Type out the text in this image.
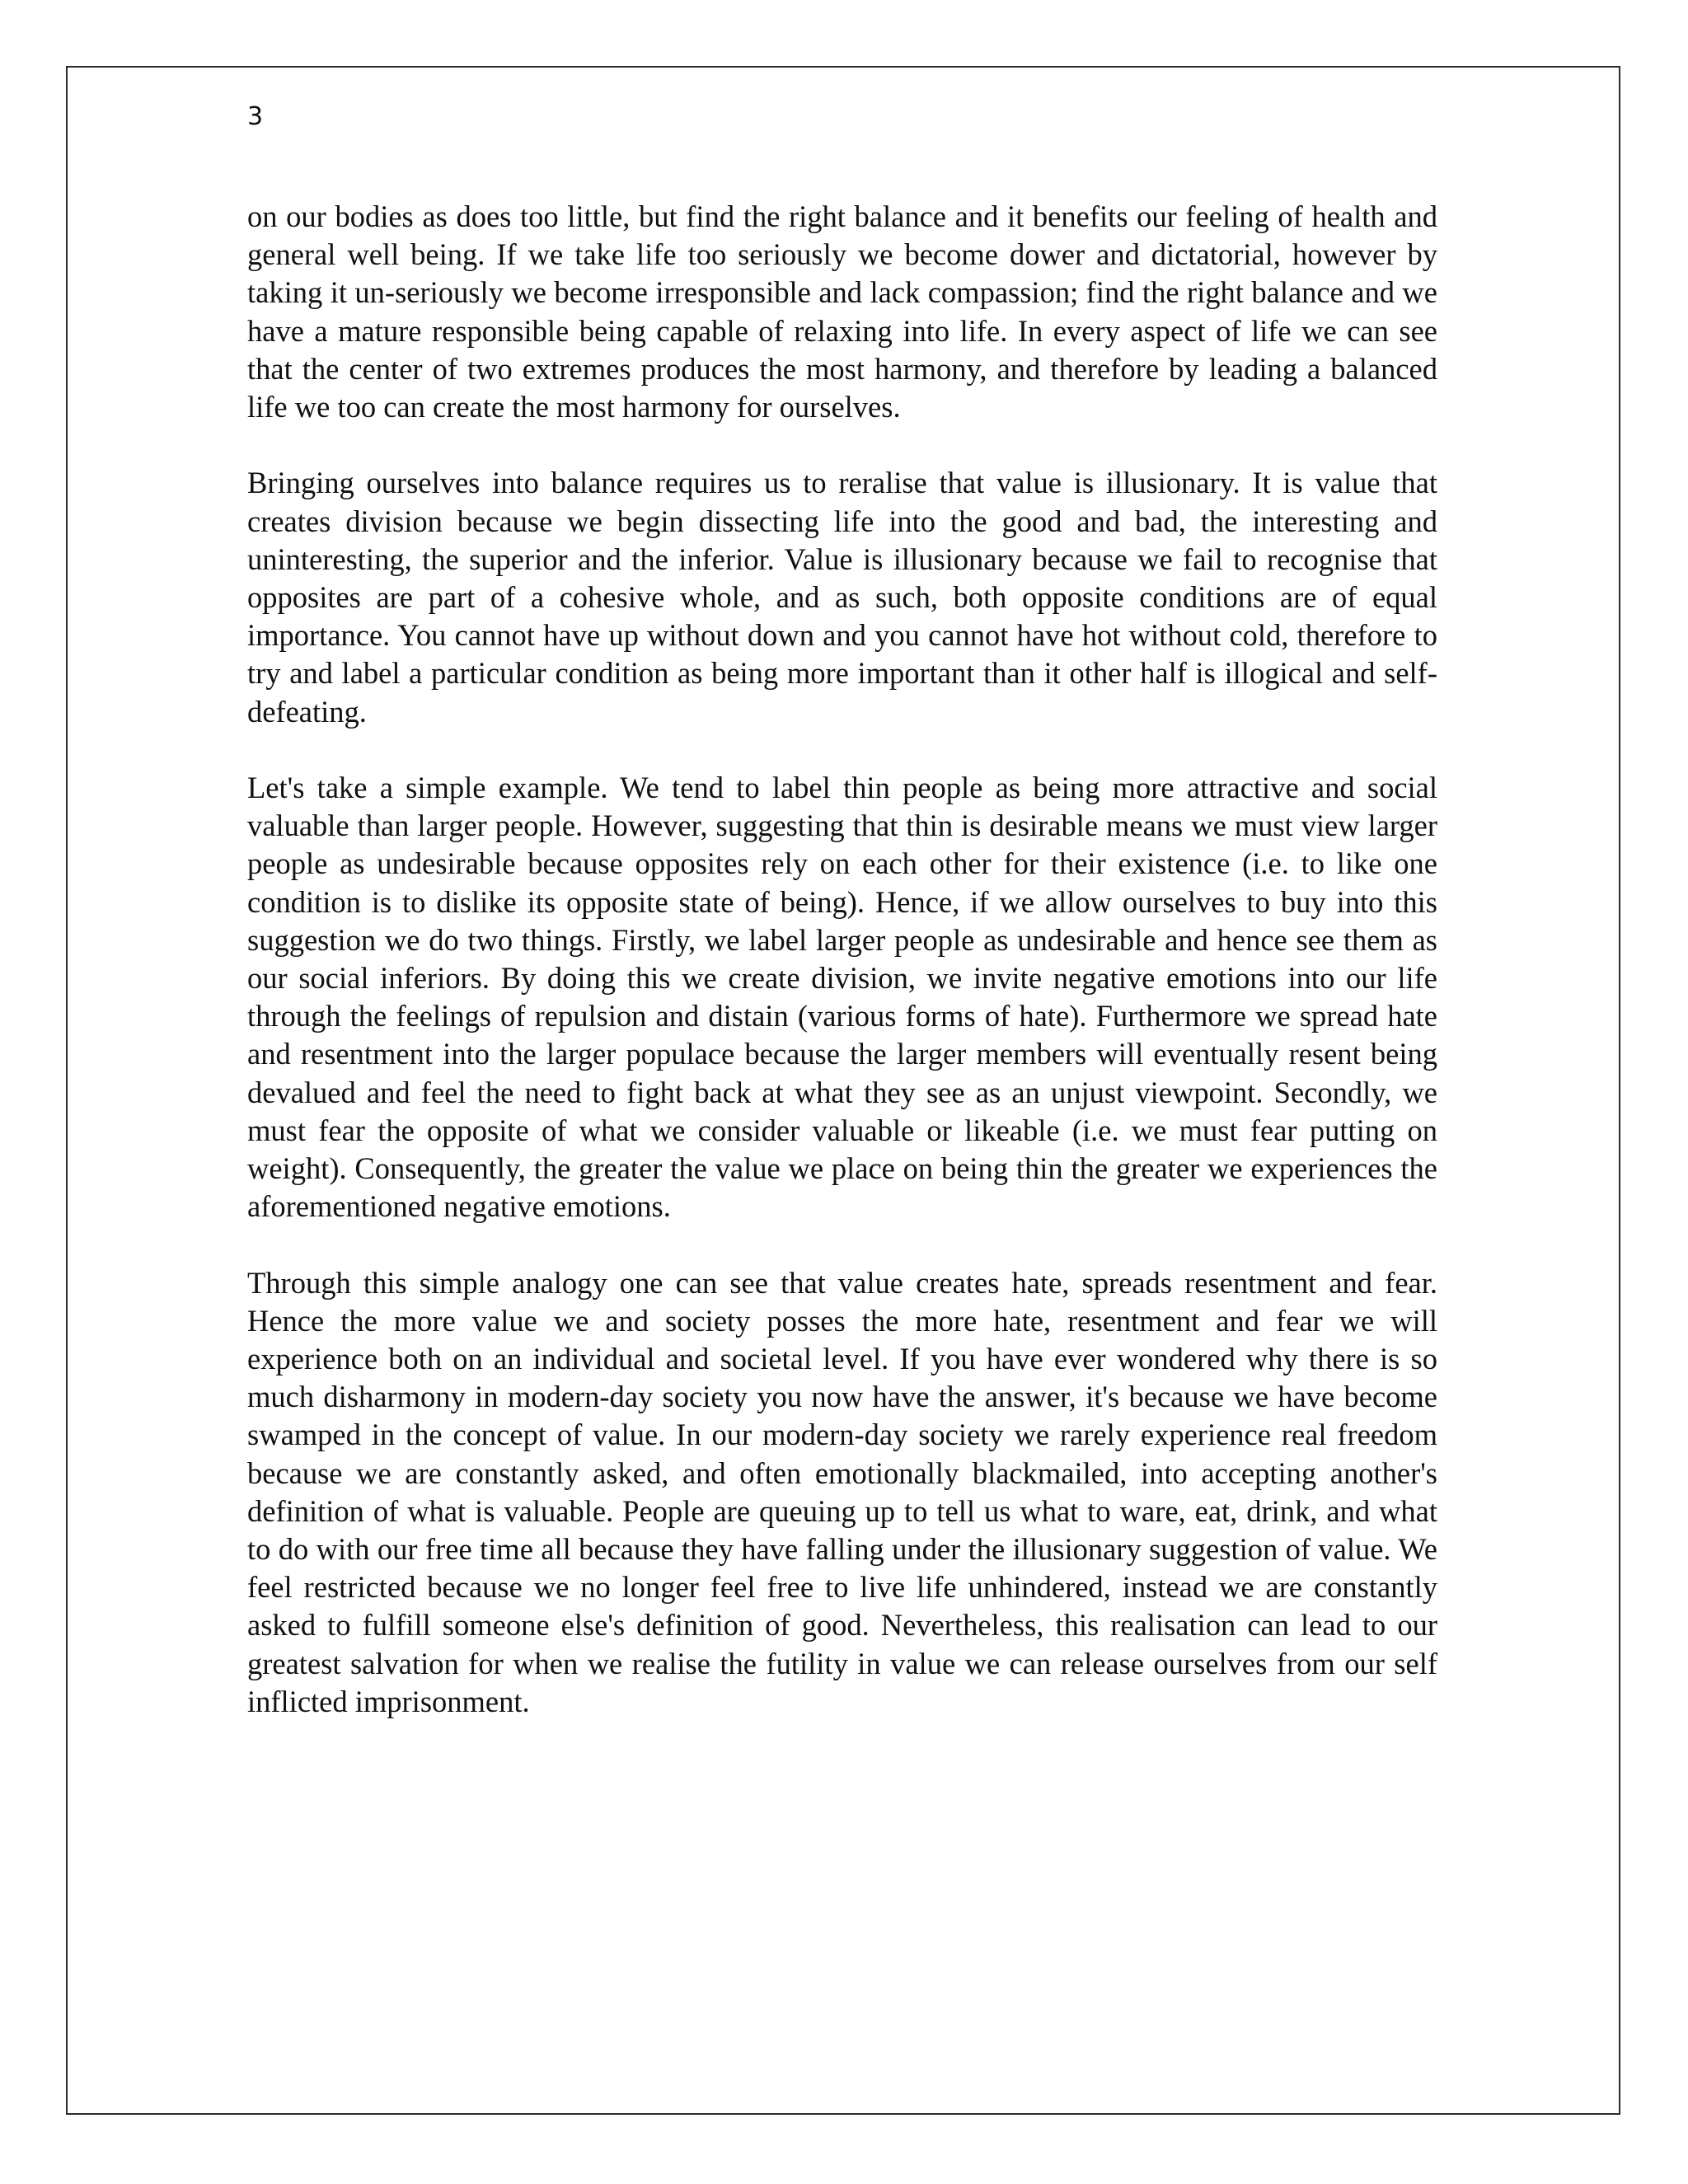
3

on our bodies as does too little, but find the right balance and it benefits our feeling of health and general well being. If we take life too seriously we become dower and dictatorial, however by taking it un-seriously we become irresponsible and lack compassion; find the right balance and we have a mature responsible being capable of relaxing into life. In every aspect of life we can see that the center of two extremes produces the most harmony, and therefore by leading a balanced life we too can create the most harmony for ourselves.

Bringing ourselves into balance requires us to reralise that value is illusionary. It is value that creates division because we begin dissecting life into the good and bad, the interesting and uninteresting, the superior and the inferior. Value is illusionary because we fail to recognise that opposites are part of a cohesive whole, and as such, both opposite conditions are of equal importance. You cannot have up without down and you cannot have hot without cold, therefore to try and label a particular condition as being more important than it other half is illogical and self-defeating.

Let's take a simple example. We tend to label thin people as being more attractive and social valuable than larger people. However, suggesting that thin is desirable means we must view larger people as undesirable because opposites rely on each other for their existence (i.e. to like one condition is to dislike its opposite state of being). Hence, if we allow ourselves to buy into this suggestion we do two things. Firstly, we label larger people as undesirable and hence see them as our social inferiors. By doing this we create division, we invite negative emotions into our life through the feelings of repulsion and distain (various forms of hate). Furthermore we spread hate and resentment into the larger populace because the larger members will eventually resent being devalued and feel the need to fight back at what they see as an unjust viewpoint. Secondly, we must fear the opposite of what we consider valuable or likeable (i.e. we must fear putting on weight). Consequently, the greater the value we place on being thin the greater we experiences the aforementioned negative emotions.

Through this simple analogy one can see that value creates hate, spreads resentment and fear. Hence the more value we and society posses the more hate, resentment and fear we will experience both on an individual and societal level. If you have ever wondered why there is so much disharmony in modern-day society you now have the answer, it's because we have become swamped in the concept of value. In our modern-day society we rarely experience real freedom because we are constantly asked, and often emotionally blackmailed, into accepting another's definition of what is valuable. People are queuing up to tell us what to ware, eat, drink, and what to do with our free time all because they have falling under the illusionary suggestion of value. We feel restricted because we no longer feel free to live life unhindered, instead we are constantly asked to fulfill someone else's definition of good. Nevertheless, this realisation can lead to our greatest salvation for when we realise the futility in value we can release ourselves from our self inflicted imprisonment.
